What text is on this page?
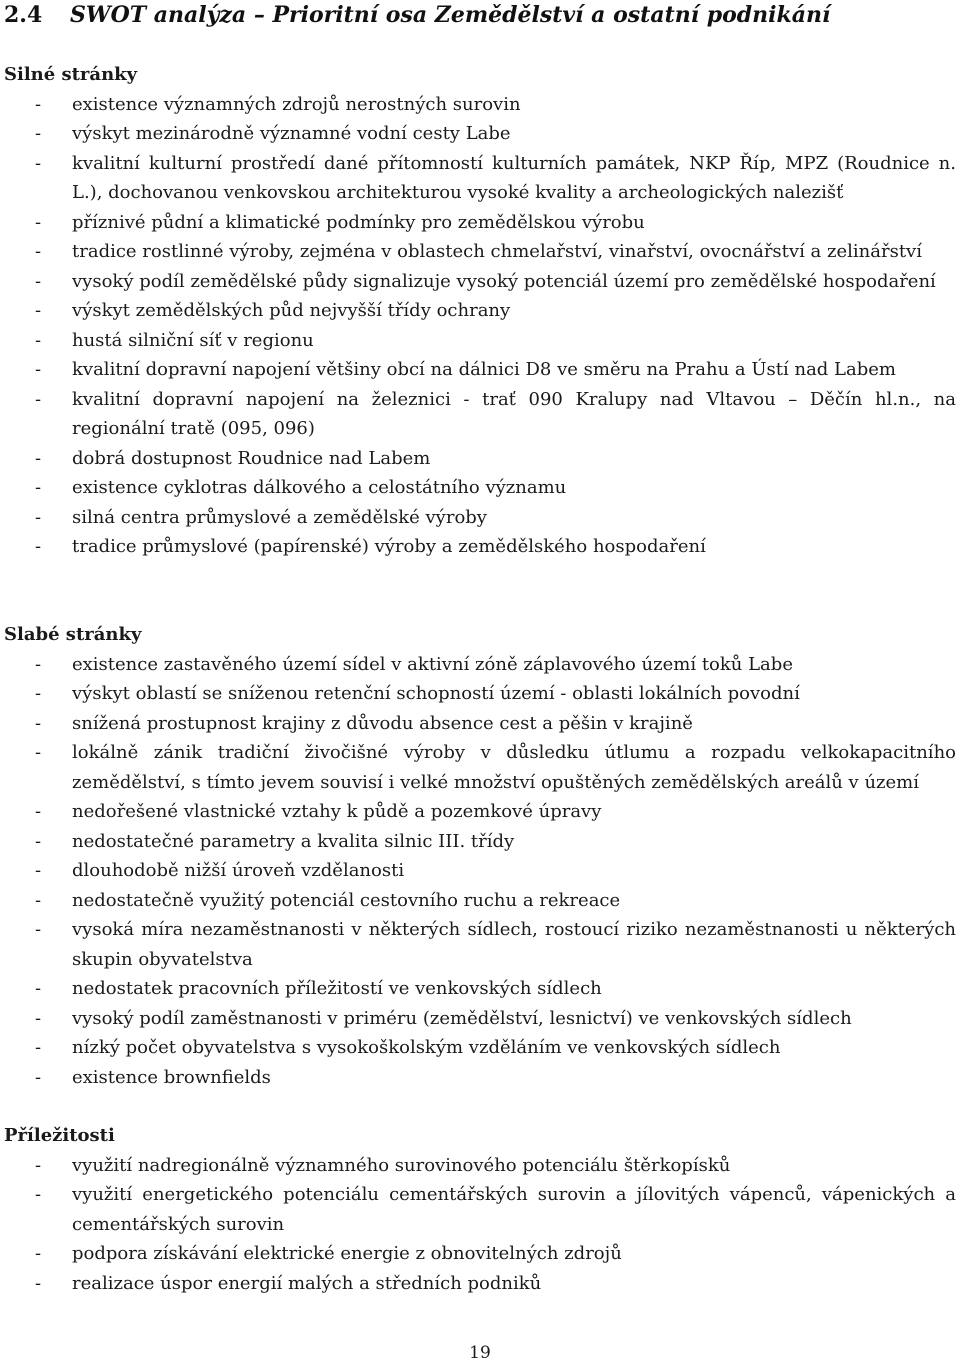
2.4 SWOT analýza – Prioritní osa Zemědělství a ostatní podnikání

Silné stránky

- existence významných zdrojů nerostných surovin
- výskyt mezinárodně významné vodní cesty Labe
- kvalitní kulturní prostředí dané přítomností kulturních památek, NKP Říp, MPZ (Roudnice n. L.), dochovanou venkovskou architekturou vysoké kvality a archeologických nalezišť
- příznivé půdní a klimatické podmínky pro zemědělskou výrobu
- tradice rostlinné výroby, zejména v oblastech chmelařství, vinařství, ovocnářství a zelinářství
- vysoký podíl zemědělské půdy signalizuje vysoký potenciál území pro zemědělské hospodaření
- výskyt zemědělských půd nejvyšší třídy ochrany
- hustá silniční síť v regionu
- kvalitní dopravní napojení většiny obcí na dálnici D8 ve směru na Prahu a Ústí nad Labem
- kvalitní dopravní napojení na železnici - trať 090 Kralupy nad Vltavou – Děčín hl.n., na regionální tratě (095, 096)
- dobrá dostupnost Roudnice nad Labem
- existence cyklotras dálkového a celostátního významu
- silná centra průmyslové a zemědělské výroby
- tradice průmyslové (papírenské) výroby a zemědělského hospodaření

Slabé stránky

- existence zastavěného území sídel v aktivní zóně záplavového území toků Labe
- výskyt oblastí se sníženou retenční schopností území - oblasti lokálních povodní
- snížená prostupnost krajiny z důvodu absence cest a pěšin v krajině
- lokálně zánik tradiční živočišné výroby v důsledku útlumu a rozpadu velkokapacitního zemědělství, s tímto jevem souvisí i velké množství opuštěných zemědělských areálů v území
- nedořešené vlastnické vztahy k půdě a pozemkové úpravy
- nedostatečné parametry a kvalita silnic III. třídy
- dlouhodobě nižší úroveň vzdělanosti
- nedostatečně využitý potenciál cestovního ruchu a rekreace
- vysoká míra nezaměstnanosti v některých sídlech, rostoucí riziko nezaměstnanosti u některých skupin obyvatelstva
- nedostatek pracovních příležitostí ve venkovských sídlech
- vysoký podíl zaměstnanosti v priméru (zemědělství, lesnictví) ve venkovských sídlech
- nízký počet obyvatelstva s vysokoškolským vzděláním ve venkovských sídlech
- existence brownfields

Příležitosti

- využití nadregionálně významného surovinového potenciálu štěrkopísků
- využití energetického potenciálu cementářských surovin a jílovitých vápenců, vápenických a cementářských surovin
- podpora získávání elektrické energie z obnovitelných zdrojů
- realizace úspor energií malých a středních podniků
19
